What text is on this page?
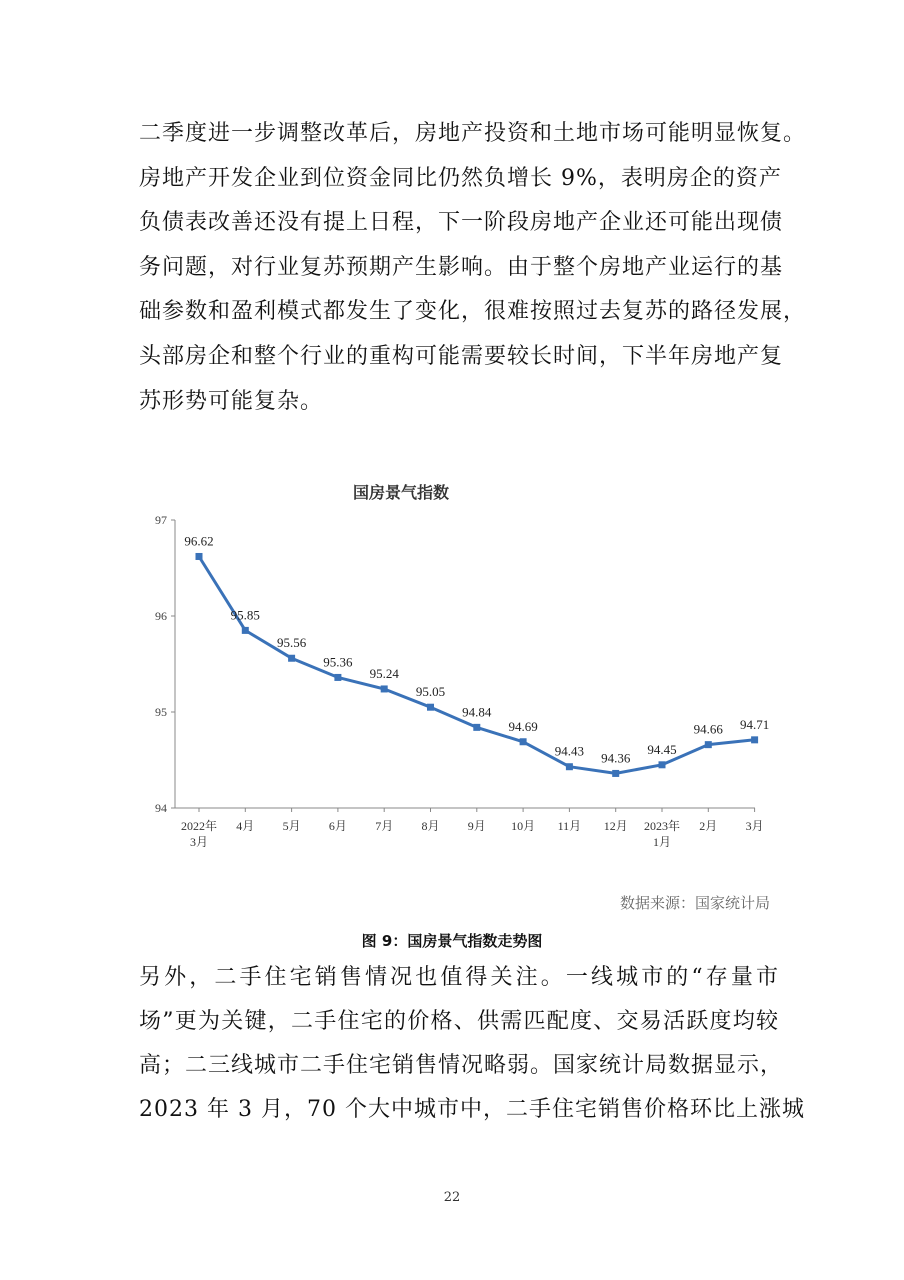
二季度进一步调整改革后，房地产投资和土地市场可能明显恢复。
房地产开发企业到位资金同比仍然负增长 9%，表明房企的资产
负债表改善还没有提上日程，下一阶段房地产企业还可能出现债
务问题，对行业复苏预期产生影响。由于整个房地产业运行的基
础参数和盈利模式都发生了变化，很难按照过去复苏的路径发展，
头部房企和整个行业的重构可能需要较长时间，下半年房地产复
苏形势可能复杂。
国房景气指数
94
95
96
97
2022年
3月
4月 5月 6月 7月 8月 9月 10月 11月 12月 2023年
1月
2月 3月
96.62
95.85
95.56
95.36
95.24
95.05
94.84
94.69
94.43 94.36
94.45
94.66 94.71
数据来源：国家统计局
图 9：国房景气指数走势图
另外，二手住宅销售情况也值得关注。一线城市的“存量市
场”更为关键，二手住宅的价格、供需匹配度、交易活跃度均较
高；二三线城市二手住宅销售情况略弱。国家统计局数据显示，
2023 年 3 月，70 个大中城市中，二手住宅销售价格环比上涨城
22
